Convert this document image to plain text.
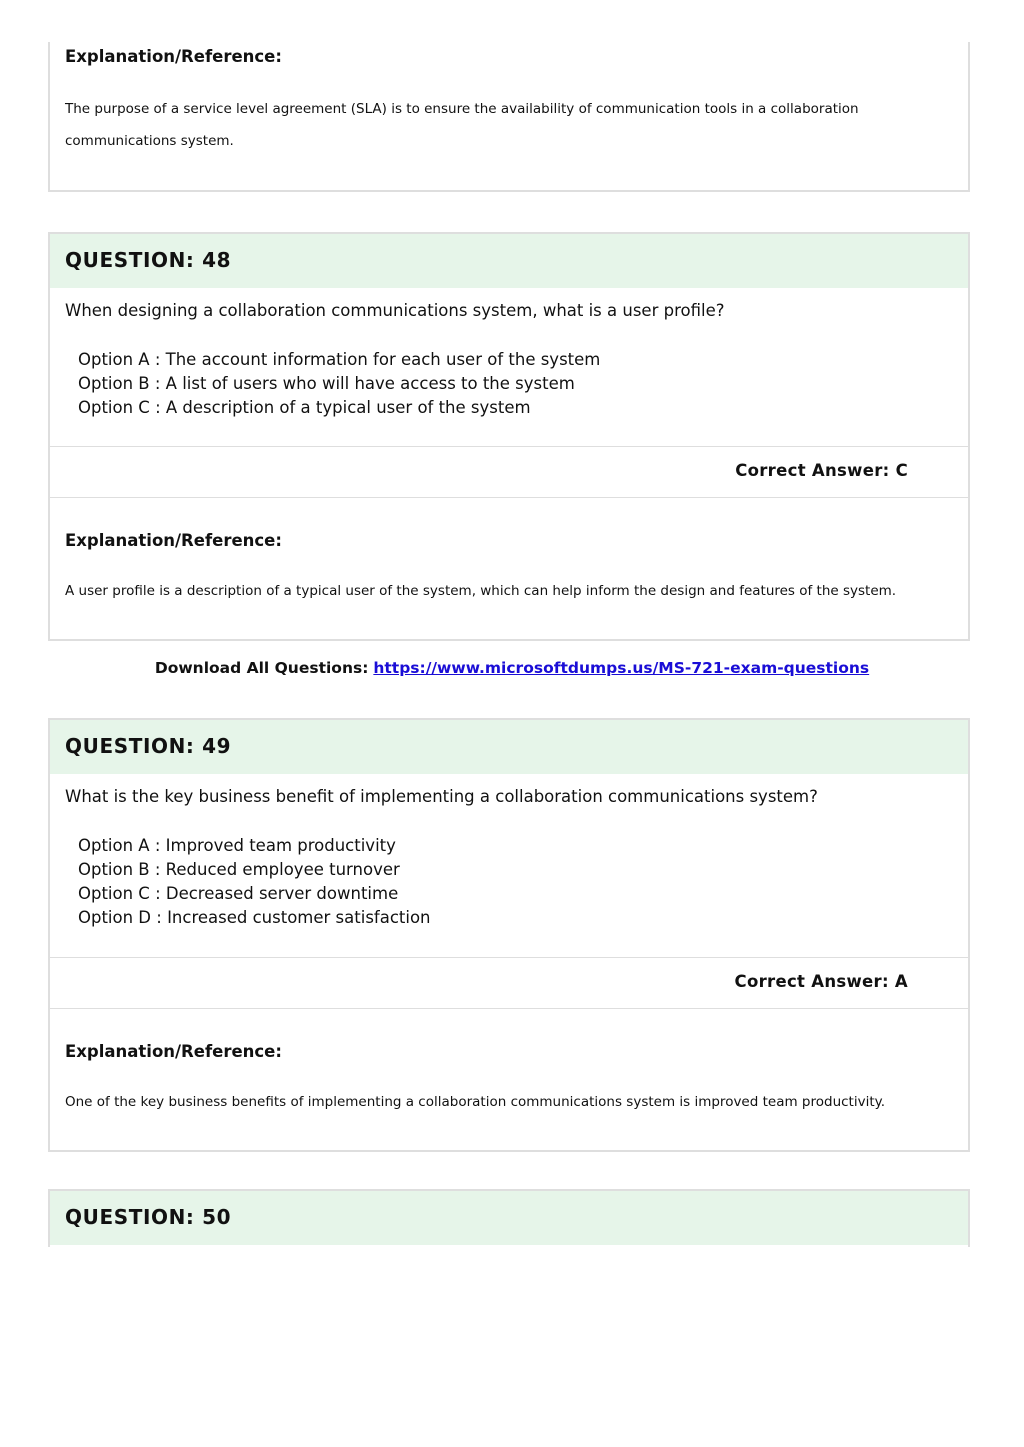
Explanation/Reference:

The purpose of a service level agreement (SLA) is to ensure the availability of communication tools in a collaboration communications system.

QUESTION: 48

When designing a collaboration communications system, what is a user profile?

Option A : The account information for each user of the system
Option B : A list of users who will have access to the system
Option C : A description of a typical user of the system
Correct Answer: C
Explanation/Reference:

A user profile is a description of a typical user of the system, which can help inform the design and features of the system.

Download All Questions: https://www.microsoftdumps.us/MS-721-exam-questions
QUESTION: 49

What is the key business benefit of implementing a collaboration communications system?

Option A : Improved team productivity
Option B : Reduced employee turnover
Option C : Decreased server downtime
Option D : Increased customer satisfaction
Correct Answer: A
Explanation/Reference:

One of the key business benefits of implementing a collaboration communications system is improved team productivity.

QUESTION: 50
